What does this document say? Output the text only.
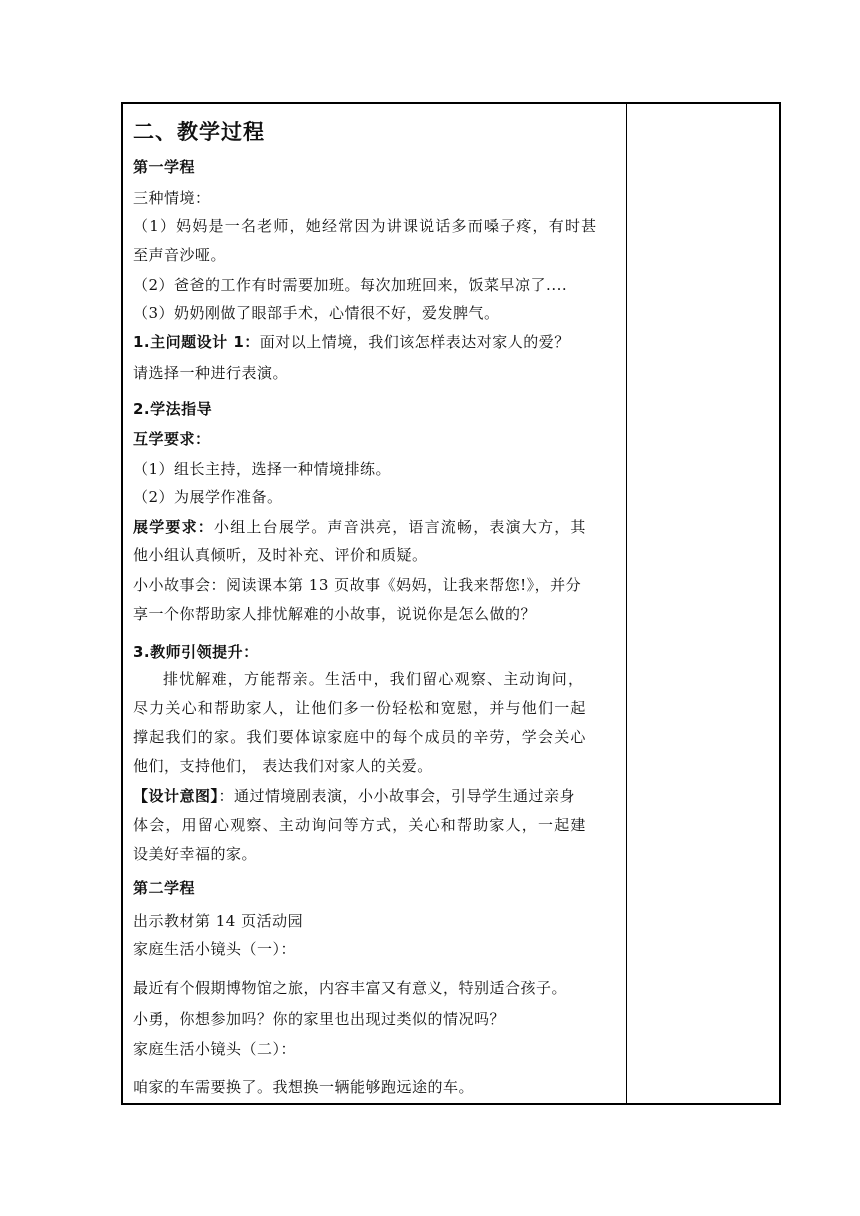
二、教学过程
第一学程
三种情境：
（1）妈妈是一名老师，她经常因为讲课说话多而嗓子疼，有时甚
至声音沙哑。
（2）爸爸的工作有时需要加班。每次加班回来，饭菜早凉了....
（3）奶奶刚做了眼部手术，心情很不好，爱发脾气。
1.主问题设计 1：面对以上情境，我们该怎样表达对家人的爱？
请选择一种进行表演。
2.学法指导
互学要求：
（1）组长主持，选择一种情境排练。
（2）为展学作准备。
展学要求：小组上台展学。声音洪亮，语言流畅，表演大方，其
他小组认真倾听，及时补充、评价和质疑。
小小故事会：阅读课本第 13 页故事《妈妈，让我来帮您!》，并分
享一个你帮助家人排忧解难的小故事，说说你是怎么做的？
3.教师引领提升：
排忧解难，方能帮亲。生活中，我们留心观察、主动询问，
尽力关心和帮助家人，让他们多一份轻松和宽慰，并与他们一起
撑起我们的家。我们要体谅家庭中的每个成员的辛劳，学会关心
他们，支持他们， 表达我们对家人的关爱。
【设计意图】：通过情境剧表演，小小故事会，引导学生通过亲身
体会，用留心观察、主动询问等方式，关心和帮助家人，一起建
设美好幸福的家。
第二学程
出示教材第 14 页活动园
家庭生活小镜头（一）：
最近有个假期博物馆之旅，内容丰富又有意义，特别适合孩子。
小勇，你想参加吗？你的家里也出现过类似的情况吗？
家庭生活小镜头（二）：
咱家的车需要换了。我想换一辆能够跑远途的车。
